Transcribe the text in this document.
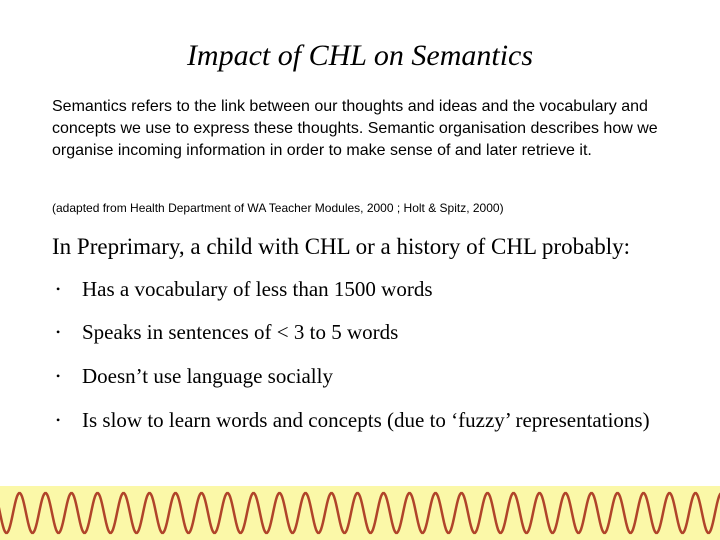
Impact of CHL on Semantics
Semantics refers to the link between our thoughts and ideas and the vocabulary and concepts we use to express these thoughts. Semantic organisation describes how we organise incoming information in order to make sense of and later retrieve it.
(adapted from Health Department of WA Teacher Modules, 2000 ; Holt & Spitz, 2000)
In Preprimary, a child with CHL or a history of CHL probably:
• Has a vocabulary of less than 1500 words
• Speaks in sentences of < 3 to 5 words
• Doesn’t use language socially
• Is slow to learn words and concepts (due to ‘fuzzy’ representations)
